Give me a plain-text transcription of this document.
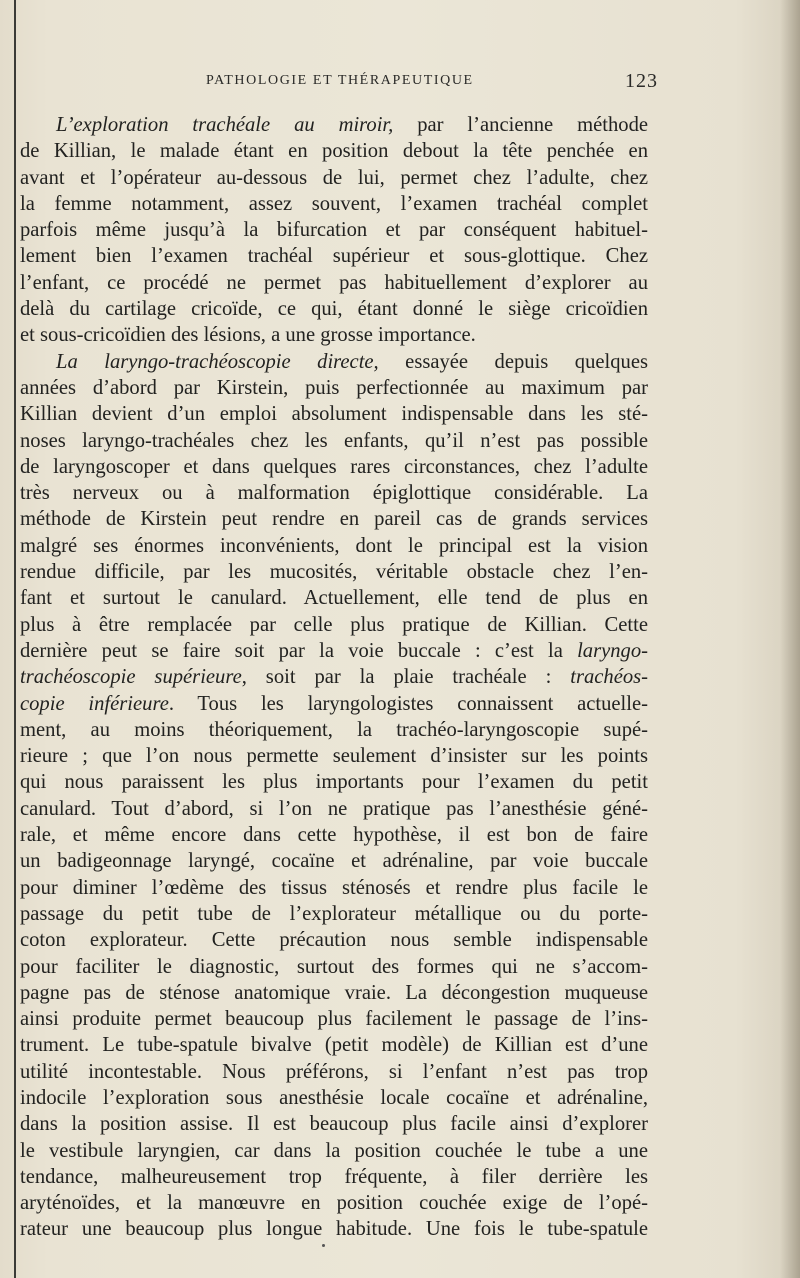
PATHOLOGIE ET THÉRAPEUTIQUE	123
L’exploration trachéale au miroir, par l’ancienne méthode
de Killian, le malade étant en position debout la tête penchée en
avant et l’opérateur au-dessous de lui, permet chez l’adulte, chez
la femme notamment, assez souvent, l’examen trachéal complet
parfois même jusqu’à la bifurcation et par conséquent habituel-
lement bien l’examen trachéal supérieur et sous-glottique. Chez
l’enfant, ce procédé ne permet pas habituellement d’explorer au
delà du cartilage cricoïde, ce qui, étant donné le siège cricoïdien
et sous-cricoïdien des lésions, a une grosse importance.
La laryngo-trachéoscopie directe, essayée depuis quelques
années d’abord par Kirstein, puis perfectionnée au maximum par
Killian devient d’un emploi absolument indispensable dans les sté-
noses laryngo-trachéales chez les enfants, qu’il n’est pas possible
de laryngoscoper et dans quelques rares circonstances, chez l’adulte
très nerveux ou à malformation épiglottique considérable. La
méthode de Kirstein peut rendre en pareil cas de grands services
malgré ses énormes inconvénients, dont le principal est la vision
rendue difficile, par les mucosités, véritable obstacle chez l’en-
fant et surtout le canulard. Actuellement, elle tend de plus en
plus à être remplacée par celle plus pratique de Killian. Cette
dernière peut se faire soit par la voie buccale : c’est la laryngo-
trachéoscopie supérieure, soit par la plaie trachéale : trachéos-
copie inférieure. Tous les laryngologistes connaissent actuelle-
ment, au moins théoriquement, la trachéo-laryngoscopie supé-
rieure ; que l’on nous permette seulement d’insister sur les points
qui nous paraissent les plus importants pour l’examen du petit
canulard. Tout d’abord, si l’on ne pratique pas l’anesthésie géné-
rale, et même encore dans cette hypothèse, il est bon de faire
un badigeonnage laryngé, cocaïne et adrénaline, par voie buccale
pour diminer l’œdème des tissus sténosés et rendre plus facile le
passage du petit tube de l’explorateur métallique ou du porte-
coton explorateur. Cette précaution nous semble indispensable
pour faciliter le diagnostic, surtout des formes qui ne s’accom-
pagne pas de sténose anatomique vraie. La décongestion muqueuse
ainsi produite permet beaucoup plus facilement le passage de l’ins-
trument. Le tube-spatule bivalve (petit modèle) de Killian est d’une
utilité incontestable. Nous préférons, si l’enfant n’est pas trop
indocile l’exploration sous anesthésie locale cocaïne et adrénaline,
dans la position assise. Il est beaucoup plus facile ainsi d’explorer
le vestibule laryngien, car dans la position couchée le tube a une
tendance, malheureusement trop fréquente, à filer derrière les
aryténoïdes, et la manœuvre en position couchée exige de l’opé-
rateur une beaucoup plus longue habitude. Une fois le tube-spatule
